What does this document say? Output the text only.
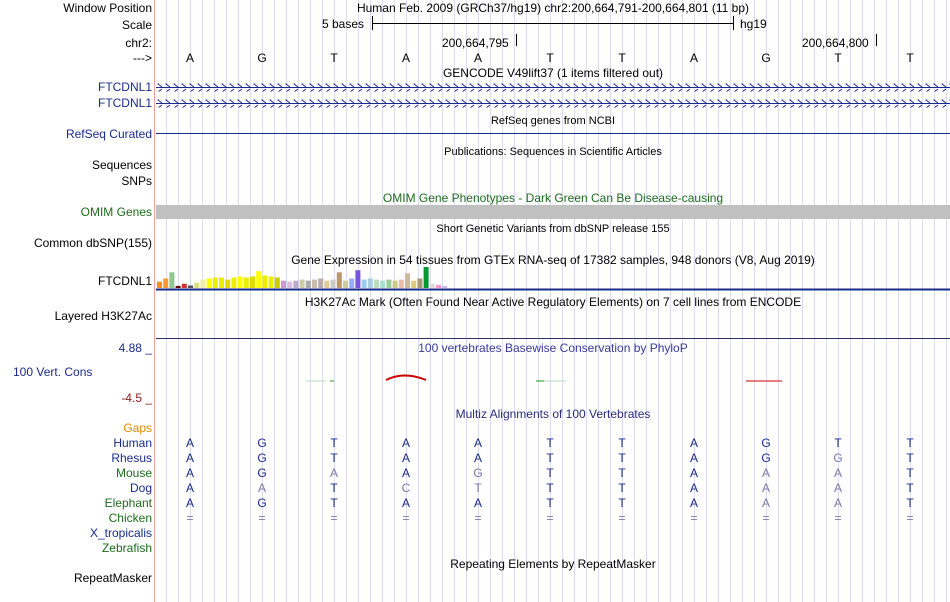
Window Position	Human Feb. 2009 (GRCh37/hg19) chr2:200,664,791-200,664,801 (11 bp)
Scale	5 bases	hg19
chr2:	200,664,795	200,664,800
--->	A	G	T	A	A	T	T	A	G	T	T
GENCODE V49lift37 (1 items filtered out)
FTCDNL1
FTCDNL1
RefSeq genes from NCBI
RefSeq Curated
Publications: Sequences in Scientific Articles
Sequences
SNPs
OMIM Gene Phenotypes - Dark Green Can Be Disease-causing
OMIM Genes
Short Genetic Variants from dbSNP release 155
Common dbSNP(155)
Gene Expression in 54 tissues from GTEx RNA-seq of 17382 samples, 948 donors (V8, Aug 2019)
FTCDNL1
H3K27Ac Mark (Often Found Near Active Regulatory Elements) on 7 cell lines from ENCODE
Layered H3K27Ac
4.88 _	100 vertebrates Basewise Conservation by PhyloP
100 Vert. Cons
-4.5 _
Multiz Alignments of 100 Vertebrates
Gaps
Human	A	G	T	A	A	T	T	A	G	T	T
Rhesus	A	G	T	A	A	T	T	A	G	G	T
Mouse	A	G	A	A	G	T	T	A	A	A	T
Dog	A	A	T	C	T	T	T	A	A	A	T
Elephant	A	G	T	A	A	T	T	A	A	A	T
Chicken	=	=	=	=	=	=	=	=	=	=	=
X_tropicalis
Zebrafish
Repeating Elements by RepeatMasker
RepeatMasker
